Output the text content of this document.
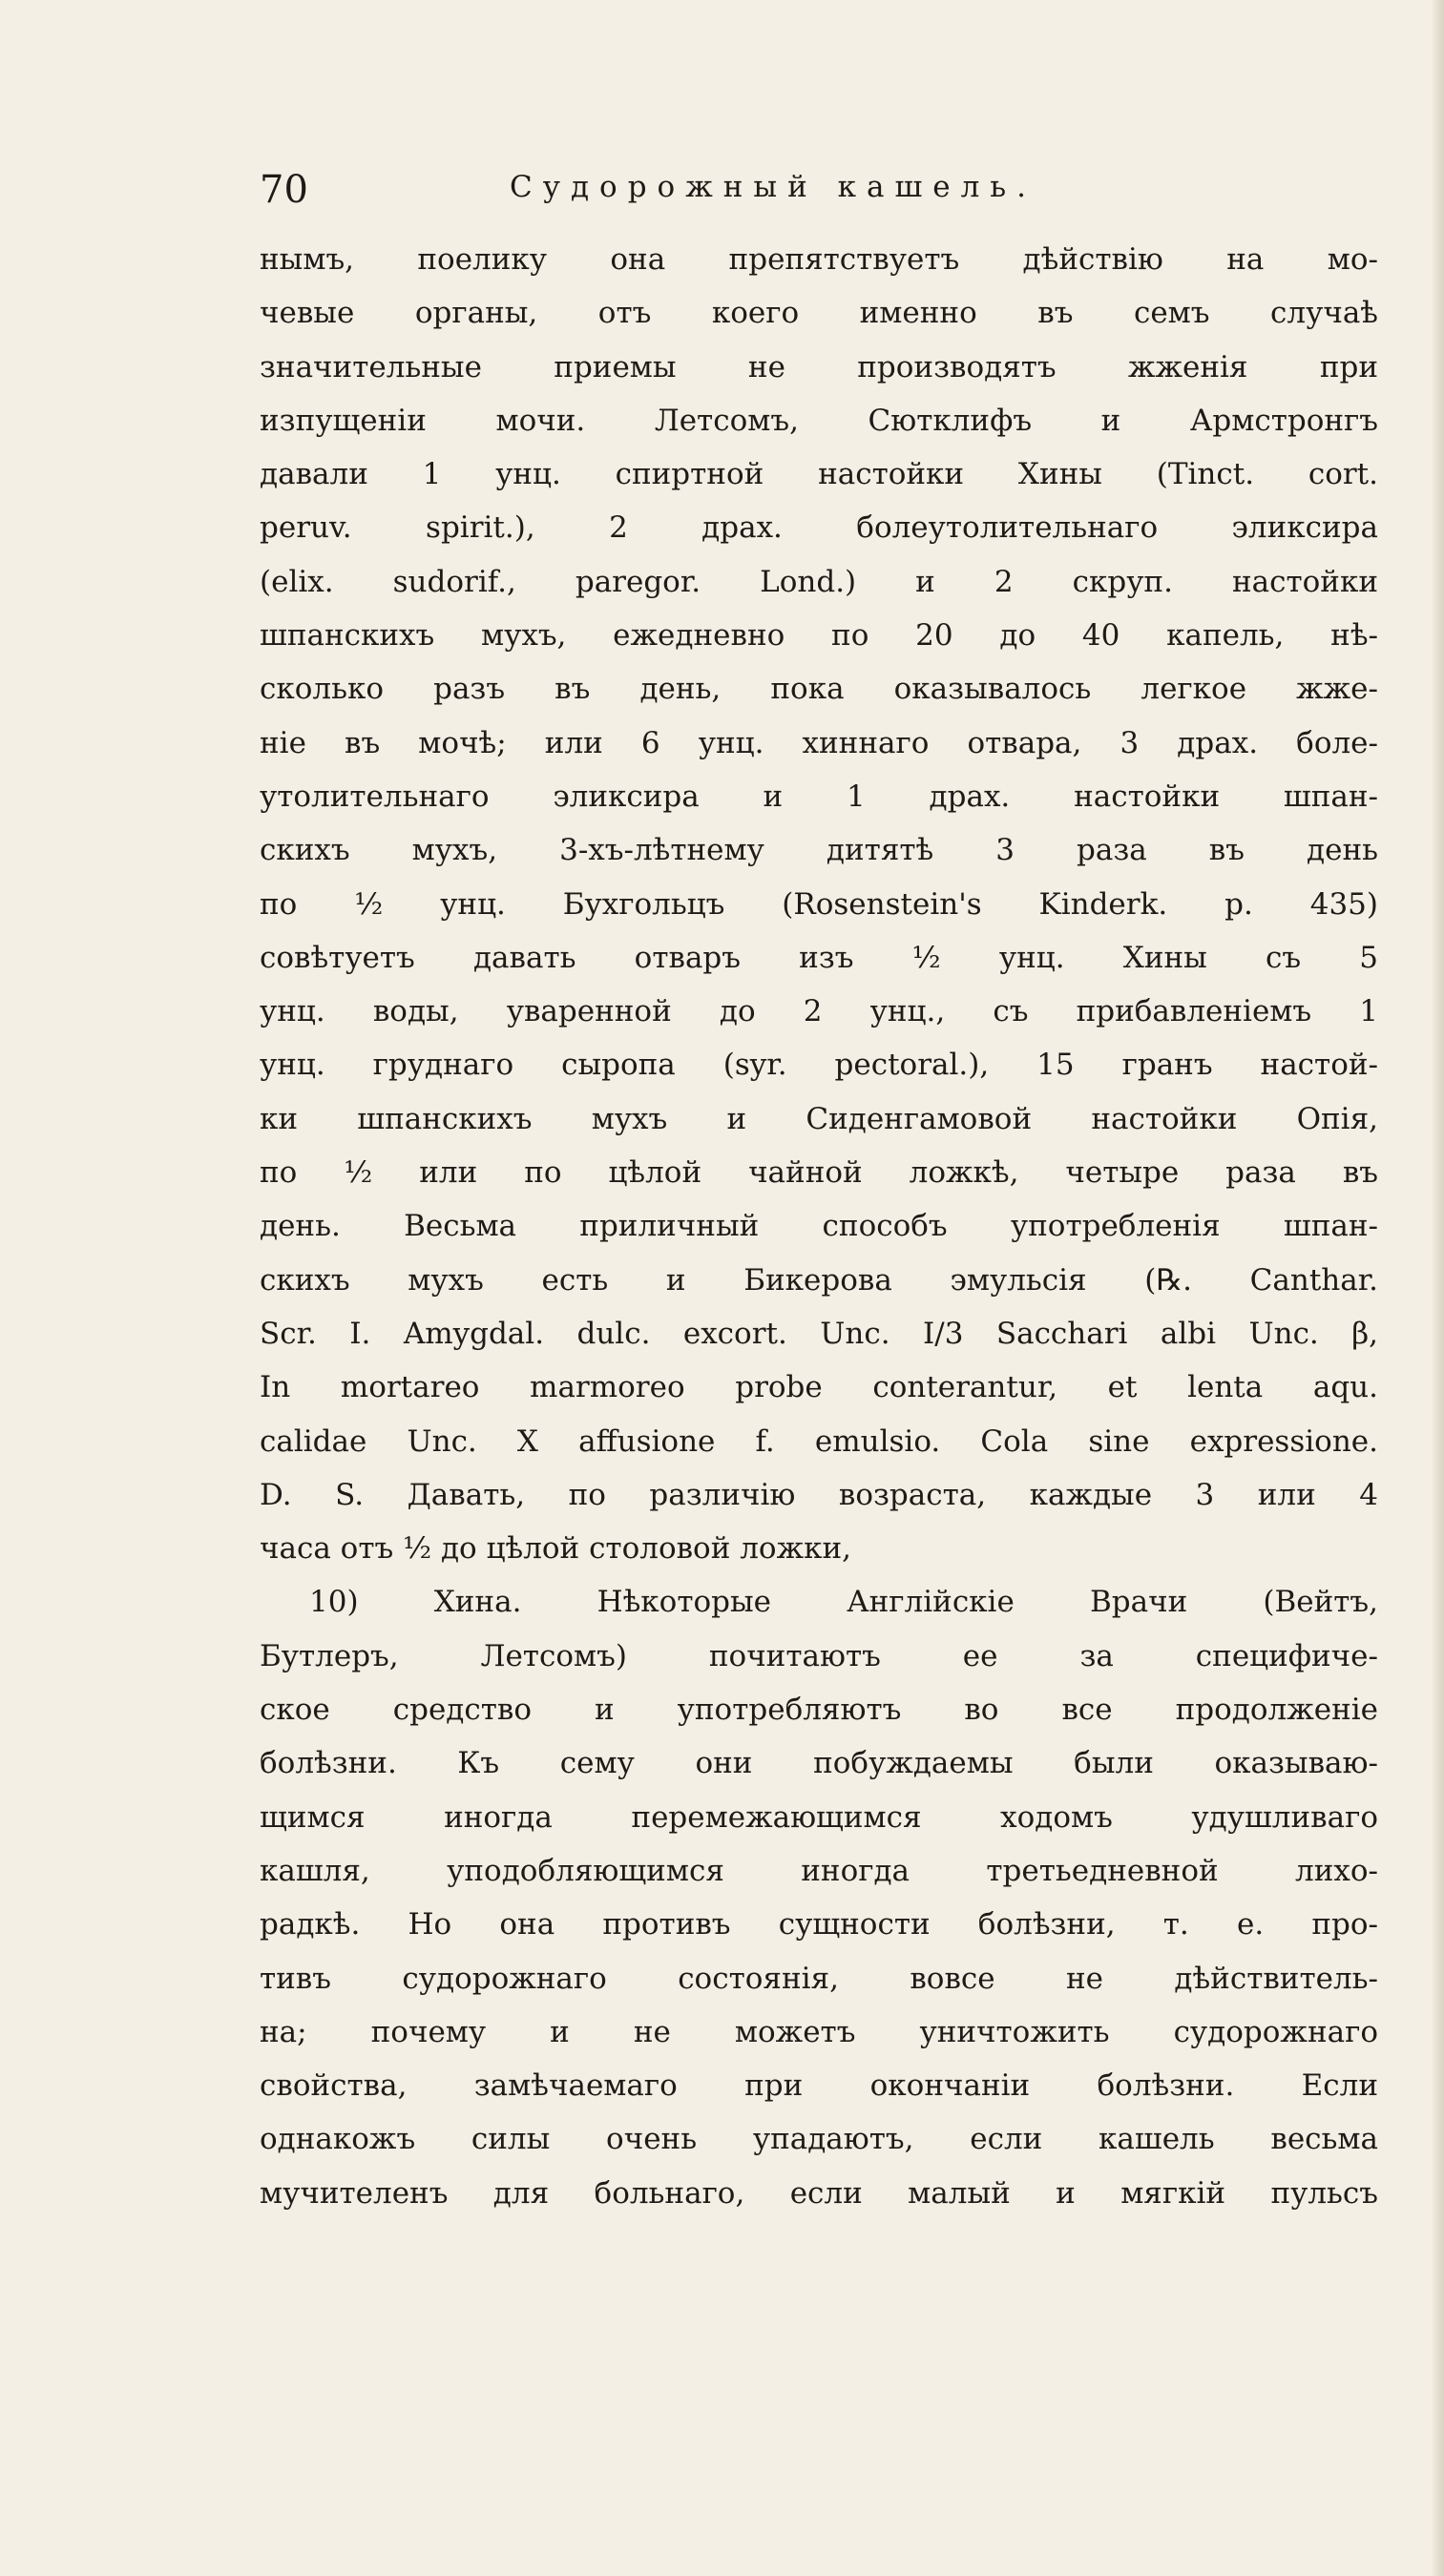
70	Судорожный кашель.
нымъ, поелику она препятствуетъ дѣйствію на мо-
чевые органы, отъ коего именно въ семъ случаѣ
значительные приемы не производятъ жженія при
изпущеніи мочи. Летсомъ, Сютклифъ и Армстронгъ
давали 1 унц. спиртной настойки Хины (Tinct. cort.
peruv. spirit.), 2 драх. болеутолительнаго эликсира
(elix. sudorif., paregor. Lond.) и 2 скруп. настойки
шпанскихъ мухъ, ежедневно по 20 до 40 капель, нѣ-
сколько разъ въ день, пока оказывалось легкое жже-
ніе въ мочѣ; или 6 унц. хиннаго отвара, 3 драх. боле-
утолительнаго эликсира и 1 драх. настойки шпан-
скихъ мухъ, 3-хъ-лѣтнему дитятѣ 3 раза въ день
по ½ унц. Бухгольцъ (Rosenstein's Kinderk. p. 435)
совѣтуетъ давать отваръ изъ ½ унц. Хины съ 5
унц. воды, уваренной до 2 унц., съ прибавленіемъ 1
унц. груднаго сыропа (syr. pectoral.), 15 гранъ настой-
ки шпанскихъ мухъ и Сиденгамовой настойки Опія,
по ½ или по цѣлой чайной ложкѣ, четыре раза въ
день. Весьма приличный способъ употребленія шпан-
скихъ мухъ есть и Бикерова эмульсія (℞. Canthar.
Scr. I. Amygdal. dulc. excort. Unc. I/3 Sacchari albi Unc. β,
In mortareo marmoreo probe conterantur, et lenta aqu.
calidae Unc. X affusione f. emulsio. Cola sine expressione.
D. S. Давать, по различію возраста, каждые 3 или 4
часа отъ ½ до цѣлой столовой ложки,
10) Хина. Нѣкоторые Англійскіе Врачи (Вейтъ,
Бутлеръ, Летсомъ) почитаютъ ее за специфиче-
ское средство и употребляютъ во все продолженіе
болѣзни. Къ сему они побуждаемы были оказываю-
щимся иногда перемежающимся ходомъ удушливаго
кашля, уподобляющимся иногда третьедневной лихо-
радкѣ. Но она противъ сущности болѣзни, т. е. про-
тивъ судорожнаго состоянія, вовсе не дѣйствитель-
на; почему и не можетъ уничтожить судорожнаго
свойства, замѣчаемаго при окончаніи болѣзни. Если
однакожъ силы очень упадаютъ, если кашель весьма
мучителенъ для больнаго, если малый и мягкій пульсъ
